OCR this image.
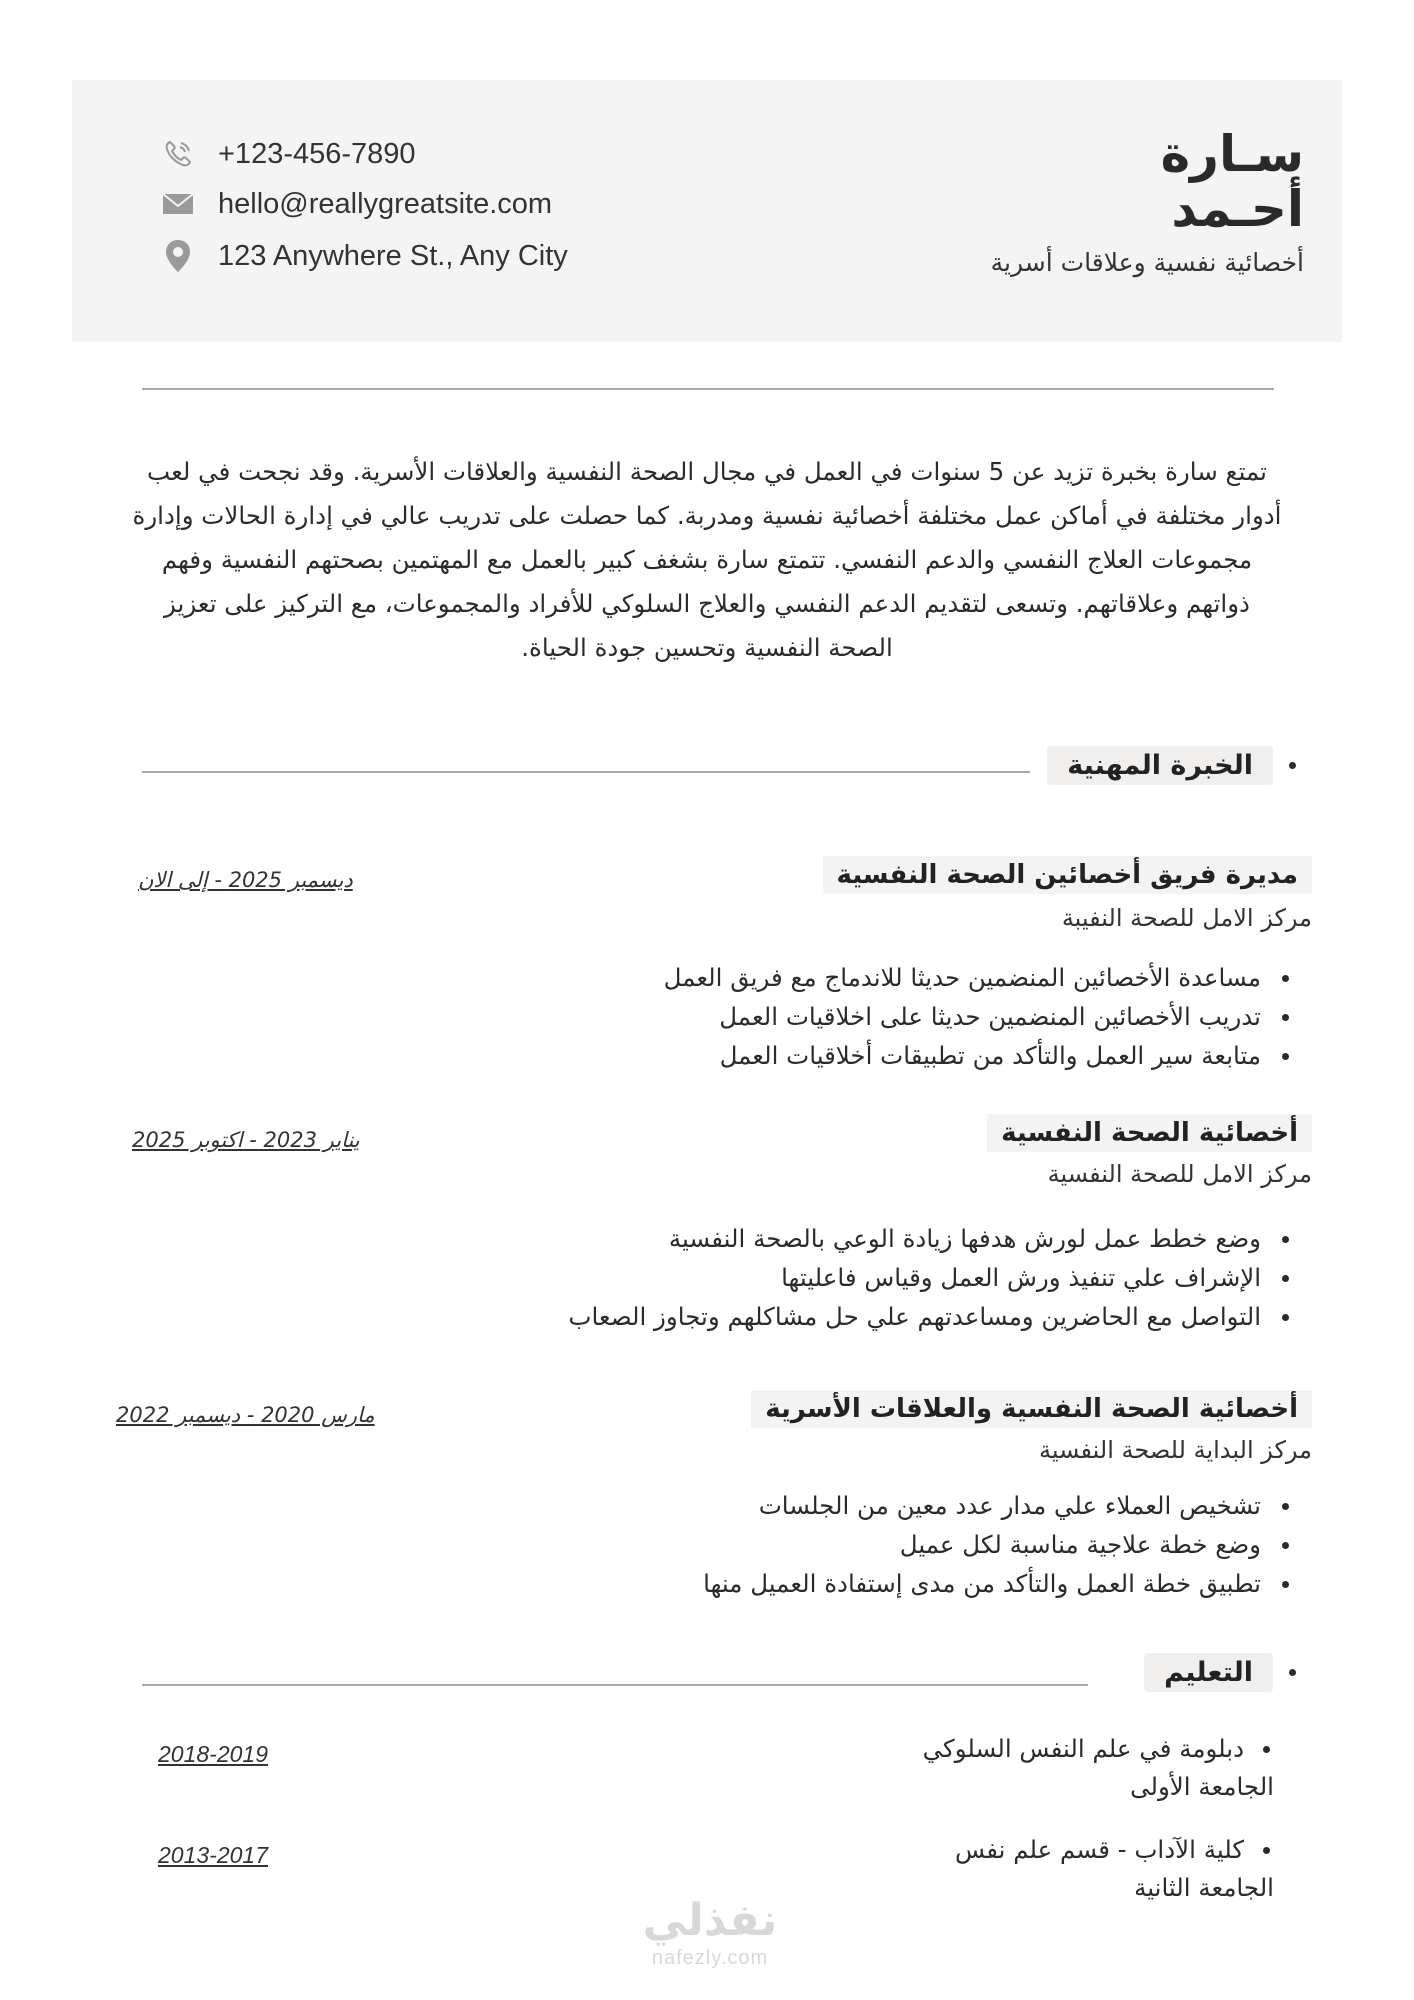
+123-456-7890
hello@reallygreatsite.com
123 Anywhere St., Any City
سـارة
أحـمد
أخصائية نفسية وعلاقات أسرية
تمتع سارة بخبرة تزيد عن 5 سنوات في العمل في مجال الصحة النفسية والعلاقات الأسرية. وقد نجحت في لعب أدوار مختلفة في أماكن عمل مختلفة أخصائية نفسية ومدربة. كما حصلت على تدريب عالي في إدارة الحالات وإدارة مجموعات العلاج النفسي والدعم النفسي. تتمتع سارة بشغف كبير بالعمل مع المهتمين بصحتهم النفسية وفهم ذواتهم وعلاقاتهم. وتسعى لتقديم الدعم النفسي والعلاج السلوكي للأفراد والمجموعات، مع التركيز على تعزيز الصحة النفسية وتحسين جودة الحياة.
الخبرة المهنية
مديرة فريق أخصائين الصحة النفسية
مركز الامل للصحة النفيبة
ديسمبر 2025 - إلى الان
مساعدة الأخصائين المنضمين حديثا للاندماج مع فريق العمل
تدريب الأخصائين المنضمين حديثا على اخلاقيات العمل
متابعة سير العمل والتأكد من تطبيقات أخلاقيات العمل
أخصائية الصحة النفسية
مركز الامل للصحة النفسية
يناير 2023 - اكتوبر 2025
وضع خطط عمل لورش هدفها زيادة الوعي بالصحة النفسية
الإشراف علي تنفيذ ورش العمل وقياس فاعليتها
التواصل مع الحاضرين ومساعدتهم علي حل مشاكلهم وتجاوز الصعاب
أخصائية الصحة النفسية والعلاقات الأسرية
مركز البداية للصحة النفسية
مارس 2020 - ديسمبر 2022
تشخيص العملاء علي مدار عدد معين من الجلسات
وضع خطة علاجية مناسبة لكل عميل
تطبيق خطة العمل والتأكد من مدى إستفادة العميل منها
التعليم
دبلومة في علم النفس السلوكي
الجامعة الأولى
2018-2019
كلية الآداب - قسم علم نفس
الجامعة الثانية
2013-2017
نفذلي
nafezly.com
